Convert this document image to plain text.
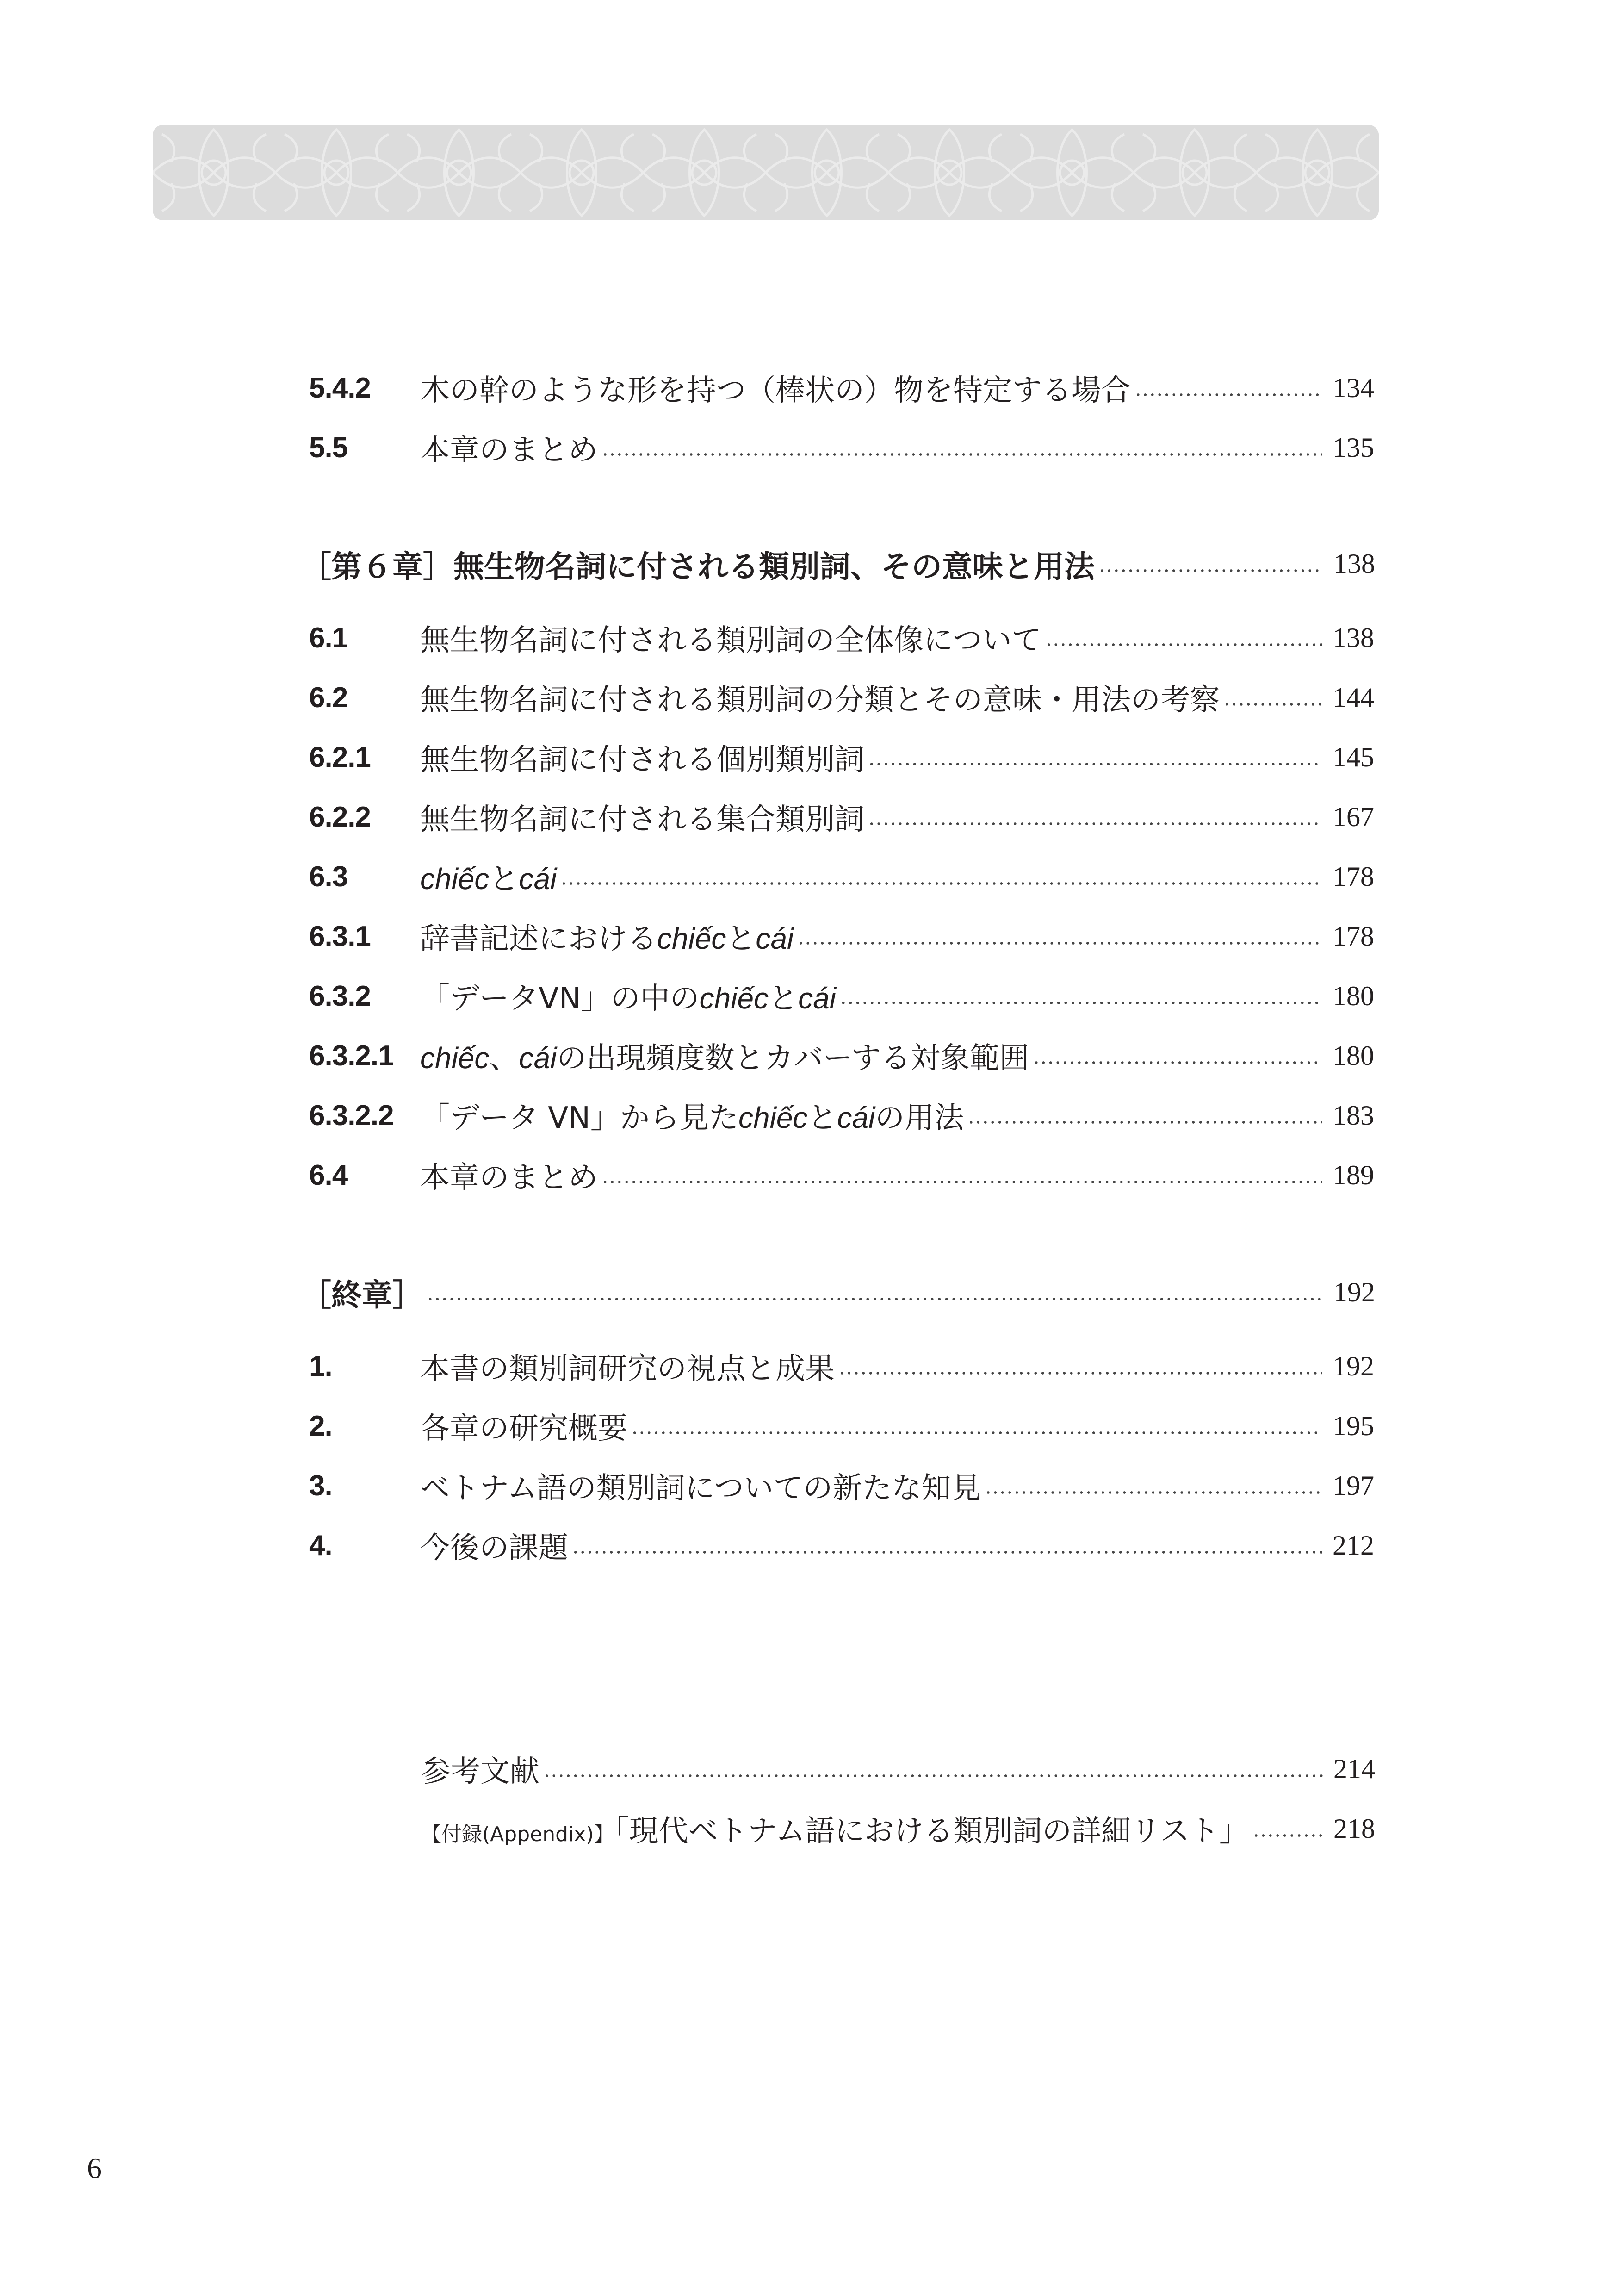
5.4.2	木の幹のような形を持つ（棒状の）物を特定する場合	134
5.5	本章のまとめ	135
［第６章］無生物名詞に付される類別詞、その意味と用法	138
6.1	無生物名詞に付される類別詞の全体像について	138
6.2	無生物名詞に付される類別詞の分類とその意味・用法の考察	144
6.2.1	無生物名詞に付される個別類別詞	145
6.2.2	無生物名詞に付される集合類別詞	167
6.3	chiếcとcái	178
6.3.1	辞書記述におけるchiếcとcái	178
6.3.2	「データVN」の中のchiếcとcái	180
6.3.2.1 chiếc、cáiの出現頻度数とカバーする対象範囲	180
6.3.2.2 「データ VN」から見たchiếcとcáiの用法	183
6.4	本章のまとめ	189
［終章］	192
1.	本書の類別詞研究の視点と成果	192
2.	各章の研究概要	195
3.	ベトナム語の類別詞についての新たな知見	197
4.	今後の課題	212
参考文献	214
【付録(Appendix)】「現代ベトナム語における類別詞の詳細リスト」	218
6
